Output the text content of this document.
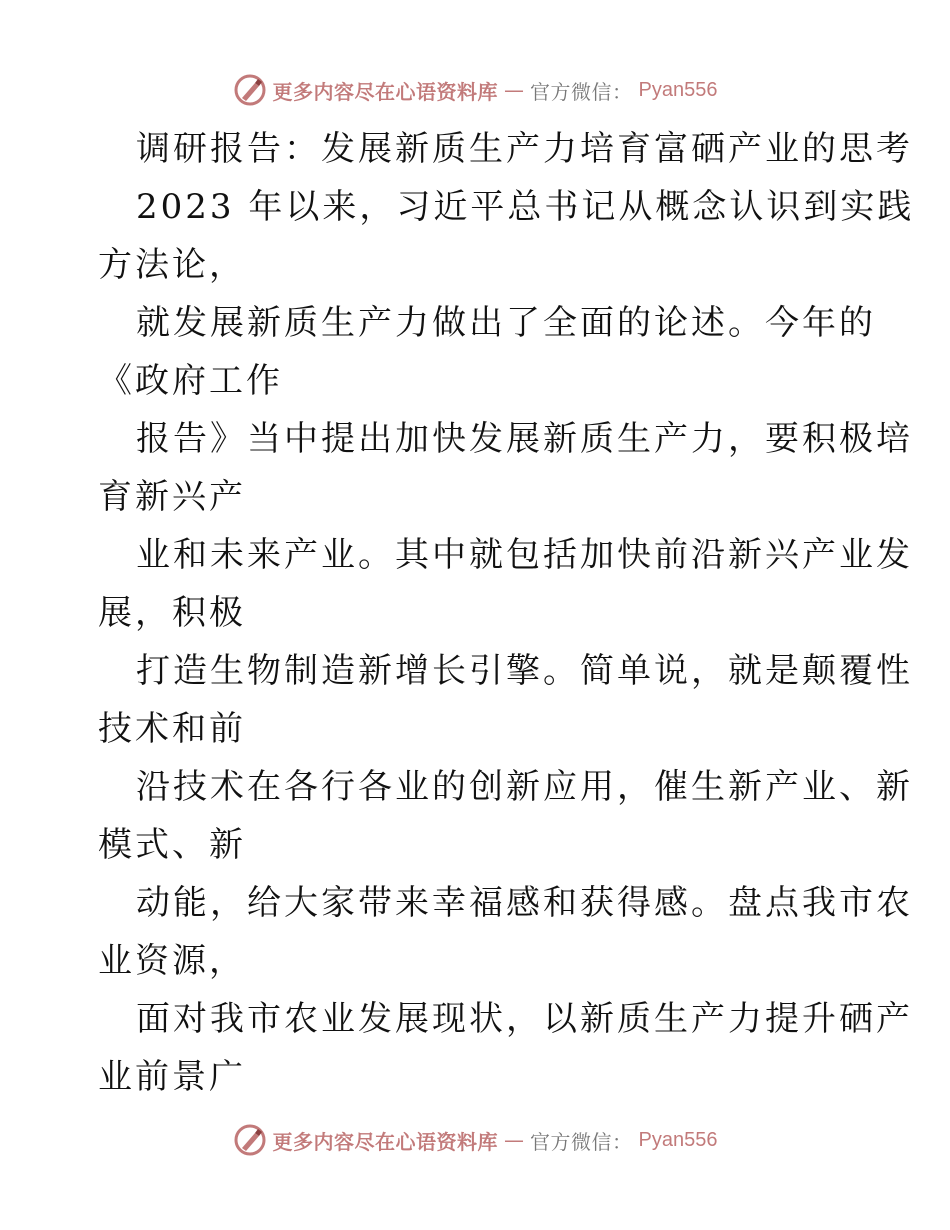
更多内容尽在心语资料库 — 官方微信： Pyan556
调研报告：发展新质生产力培育富硒产业的思考
2023 年以来，习近平总书记从概念认识到实践
方法论，
就发展新质生产力做出了全面的论述。今年的
《政府工作
报告》当中提出加快发展新质生产力，要积极培
育新兴产
业和未来产业。其中就包括加快前沿新兴产业发
展，积极
打造生物制造新增长引擎。简单说，就是颠覆性
技术和前
沿技术在各行各业的创新应用，催生新产业、新
模式、新
动能，给大家带来幸福感和获得感。盘点我市农
业资源，
面对我市农业发展现状，以新质生产力提升硒产
业前景广
更多内容尽在心语资料库 — 官方微信： Pyan556
